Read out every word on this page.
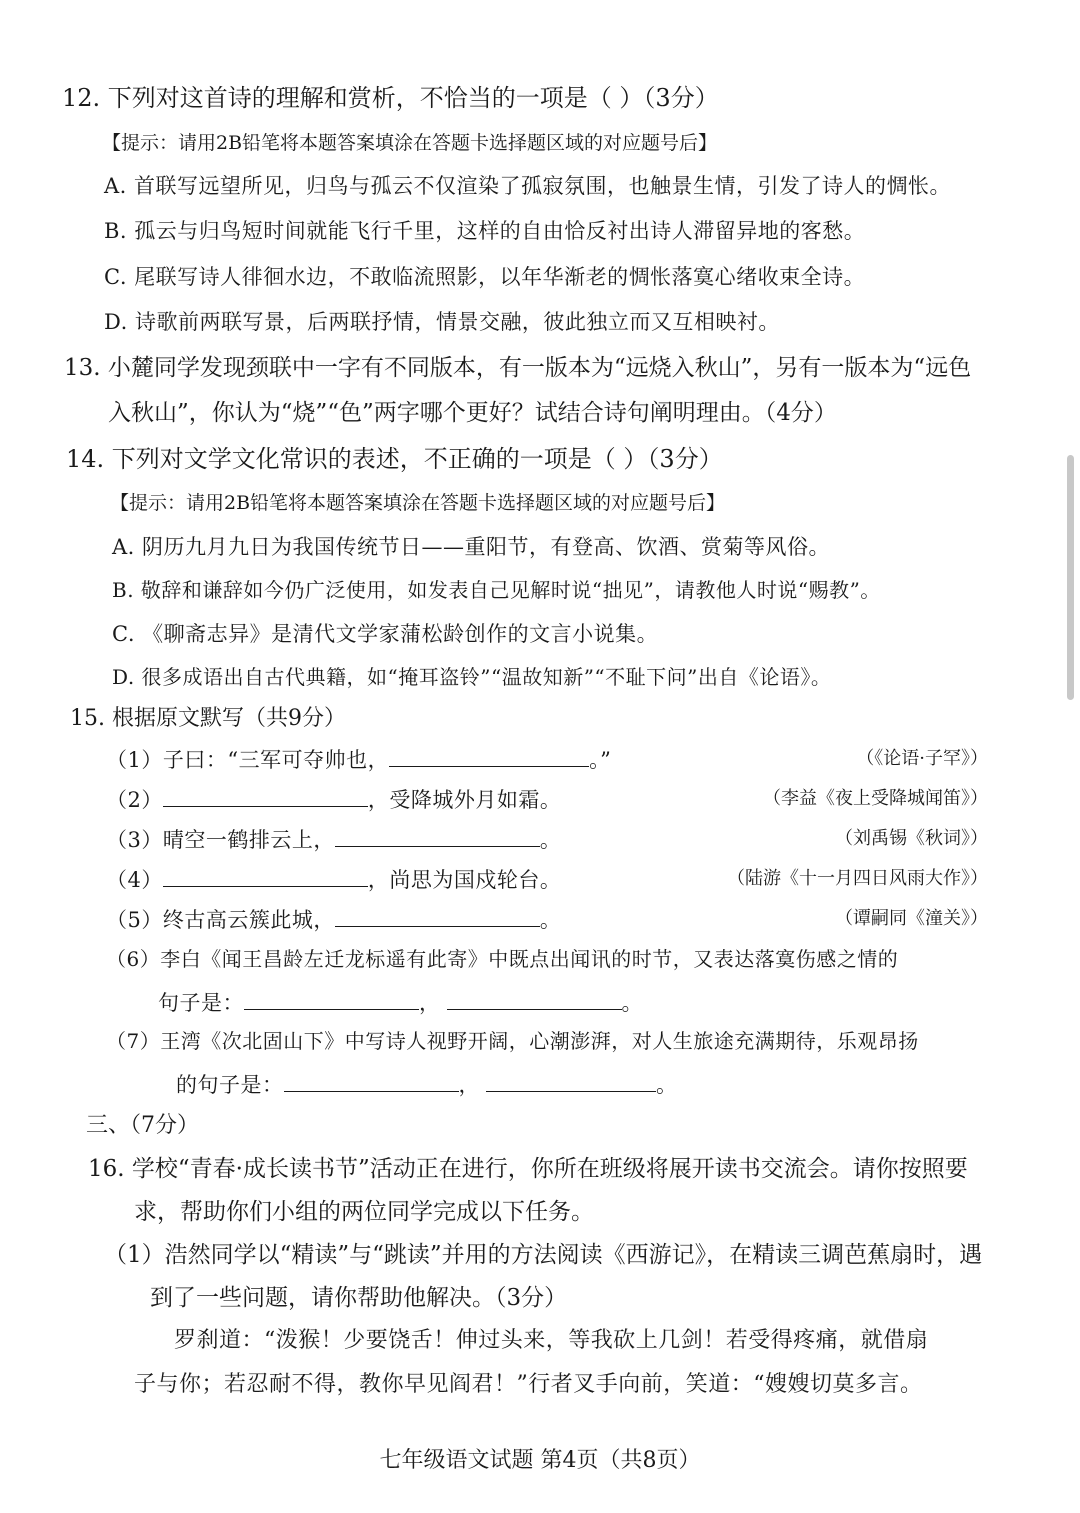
12. 下列对这首诗的理解和赏析，不恰当的一项是（ ）（3分）
【提示：请用2B铅笔将本题答案填涂在答题卡选择题区域的对应题号后】
A. 首联写远望所见，归鸟与孤云不仅渲染了孤寂氛围，也触景生情，引发了诗人的惆怅。
B. 孤云与归鸟短时间就能飞行千里，这样的自由恰反衬出诗人滞留异地的客愁。
C. 尾联写诗人徘徊水边，不敢临流照影，以年华渐老的惆怅落寞心绪收束全诗。
D. 诗歌前两联写景，后两联抒情，情景交融，彼此独立而又互相映衬。
13. 小麓同学发现颈联中一字有不同版本，有一版本为“远烧入秋山”，另有一版本为“远色
入秋山”，你认为“烧”“色”两字哪个更好？试结合诗句阐明理由。（4分）
14. 下列对文学文化常识的表述，不正确的一项是（ ）（3分）
【提示：请用2B铅笔将本题答案填涂在答题卡选择题区域的对应题号后】
A. 阴历九月九日为我国传统节日——重阳节，有登高、饮酒、赏菊等风俗。
B. 敬辞和谦辞如今仍广泛使用，如发表自己见解时说“拙见”，请教他人时说“赐教”。
C. 《聊斋志异》是清代文学家蒲松龄创作的文言小说集。
D. 很多成语出自古代典籍，如“掩耳盗铃”“温故知新”“不耻下问”出自《论语》。
15. 根据原文默写（共9分）
（1）子曰：“三军可夺帅也，	。”	（《论语·子罕》）
（2）	，受降城外月如霜。	（李益《夜上受降城闻笛》）
（3）晴空一鹤排云上，	。	（刘禹锡《秋词》）
（4）	，尚思为国戍轮台。	（陆游《十一月四日风雨大作》）
（5）终古高云簇此城，	。	（谭嗣同《潼关》）
（6）李白《闻王昌龄左迁龙标遥有此寄》中既点出闻讯的时节，又表达落寞伤感之情的
句子是：	，	。
（7）王湾《次北固山下》中写诗人视野开阔，心潮澎湃，对人生旅途充满期待，乐观昂扬
的句子是：	，	。
三、（7分）
16. 学校“青春·成长读书节”活动正在进行，你所在班级将展开读书交流会。请你按照要
求，帮助你们小组的两位同学完成以下任务。
（1）浩然同学以“精读”与“跳读”并用的方法阅读《西游记》，在精读三调芭蕉扇时，遇
到了一些问题，请你帮助他解决。（3分）
罗刹道：“泼猴！少要饶舌！伸过头来，等我砍上几剑！若受得疼痛，就借扇
子与你；若忍耐不得，教你早见阎君！”行者叉手向前，笑道：“嫂嫂切莫多言。
七年级语文试题 第4页（共8页）
